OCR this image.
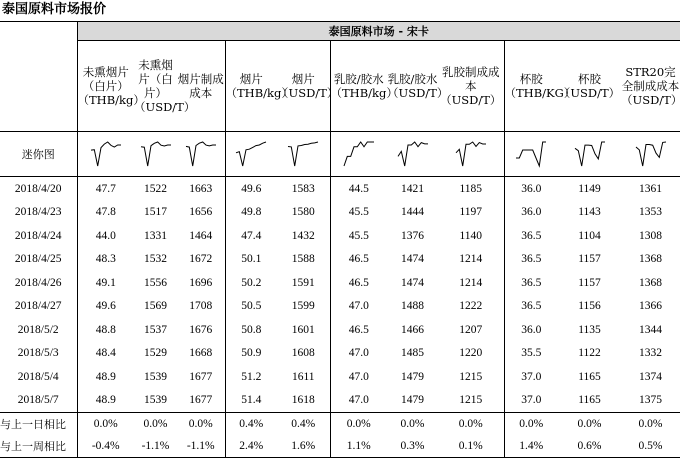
泰国原料市场报价
	泰国原料市场 - 宋卡										
	未熏烟片（白片）（THB/kg）	未熏烟片（白片）（USD/T）	烟片制成成本	烟片（THB/kg）	烟片（USD/T）	乳胶/胶水（THB/kg）	乳胶/胶水（USD/T）	乳胶制成成本（USD/T）	杯胶（THB/KG）	杯胶（USD/T）	STR20完全制成成本（USD/T）
迷你图	

2018/4/20	47.7	1522	1663	49.6	1583	44.5	1421	1185	36.0	1149	1361
2018/4/23	47.8	1517	1656	49.8	1580	45.5	1444	1197	36.0	1143	1353
2018/4/24	44.0	1331	1464	47.4	1432	45.5	1376	1140	36.5	1104	1308
2018/4/25	48.3	1532	1672	50.1	1588	46.5	1474	1214	36.5	1157	1368
2018/4/26	49.1	1556	1696	50.2	1591	46.5	1474	1214	36.5	1157	1368
2018/4/27	49.6	1569	1708	50.5	1599	47.0	1488	1222	36.5	1156	1366
2018/5/2	48.8	1537	1676	50.8	1601	46.5	1466	1207	36.0	1135	1344
2018/5/3	48.4	1529	1668	50.9	1608	47.0	1485	1220	35.5	1122	1332
2018/5/4	48.9	1539	1677	51.2	1611	47.0	1479	1215	37.0	1165	1374
2018/5/7	48.9	1539	1677	51.4	1618	47.0	1479	1215	37.0	1165	1375
与上一日相比	0.0%	0.0%	0.0%	0.4%	0.4%	0.0%	0.0%	0.0%	0.0%	0.0%	0.0%
与上一周相比	-0.4%	-1.1%	-1.1%	2.4%	1.6%	1.1%	0.3%	0.1%	1.4%	0.6%	0.5%
